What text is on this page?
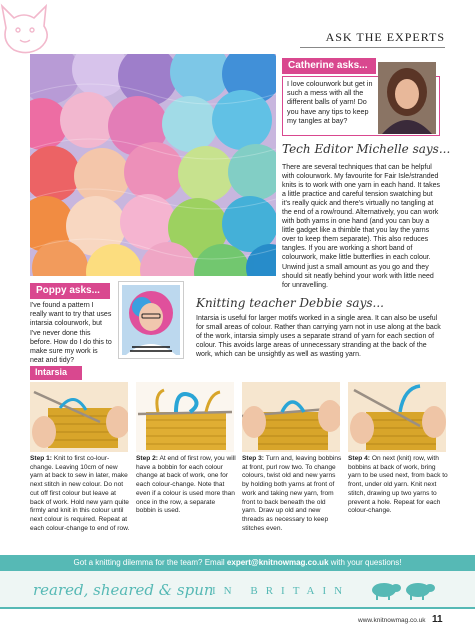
ASK THE EXPERTS
Catherine asks...
I love colourwork but get in such a mess with all the different balls of yarn! Do you have any tips to keep my tangles at bay?
Tech Editor Michelle says...
There are several techniques that can be helpful with colourwork. My favourite for Fair Isle/stranded knits is to work with one yarn in each hand. It takes a little practice and careful tension swatching but it's really quick and there's virtually no tangling at the end of a row/round. Alternatively, you can work with both yarns in one hand (and you can buy a little gadget like a thimble that you lay the yarns over to keep them separate). This also reduces tangles. If you are working a short band of colourwork, make little butterflies in each colour. Unwind just a small amount as you go and they should sit neatly behind your work with little need for unravelling.
Poppy asks...
I've found a pattern I really want to try that uses intarsia colourwork, but I've never done this before. How do I do this to make sure my work is neat and tidy?
Knitting teacher Debbie says...
Intarsia is useful for larger motifs worked in a single area. It can also be useful for small areas of colour. Rather than carrying yarn not in use along at the back of the work, intarsia simply uses a separate strand of yarn for each section of colour. This avoids large areas of unnecessary stranding at the back of the work, which can be unsightly as well as wasting yarn.
Intarsia
Step 1: Knit to first co-lour-change. Leaving 10cm of new yarn at back to sew in later, make next stitch in new colour. Do not cut off first colour but leave at back of work. Hold new yarn quite firmly and knit in this colour until next colour is required. Repeat at each colour-change to end of row.
Step 2: At end of first row, you will have a bobbin for each colour change at back of work, one for each colour-change. Note that even if a colour is used more than once in the row, a separate bobbin is used.
Step 3: Turn and, leaving bobbins at front, purl row two. To change colours, twist old and new yarns by holding both yarns at front of work and taking new yarn, from front to back beneath the old yarn. Draw up old and new threads as necessary to keep stitches even.
Step 4: On next (knit) row, with bobbins at back of work, bring yarn to be used next, from back to front, under old yarn. Knit next stitch, drawing up two yarns to prevent a hole. Repeat for each colour-change.
Got a knitting dilemma for the team? Email expert@knitnowmag.co.uk with your questions!
reared, sheared & spun
IN BRITAIN
www.knitnowmag.co.uk 11
